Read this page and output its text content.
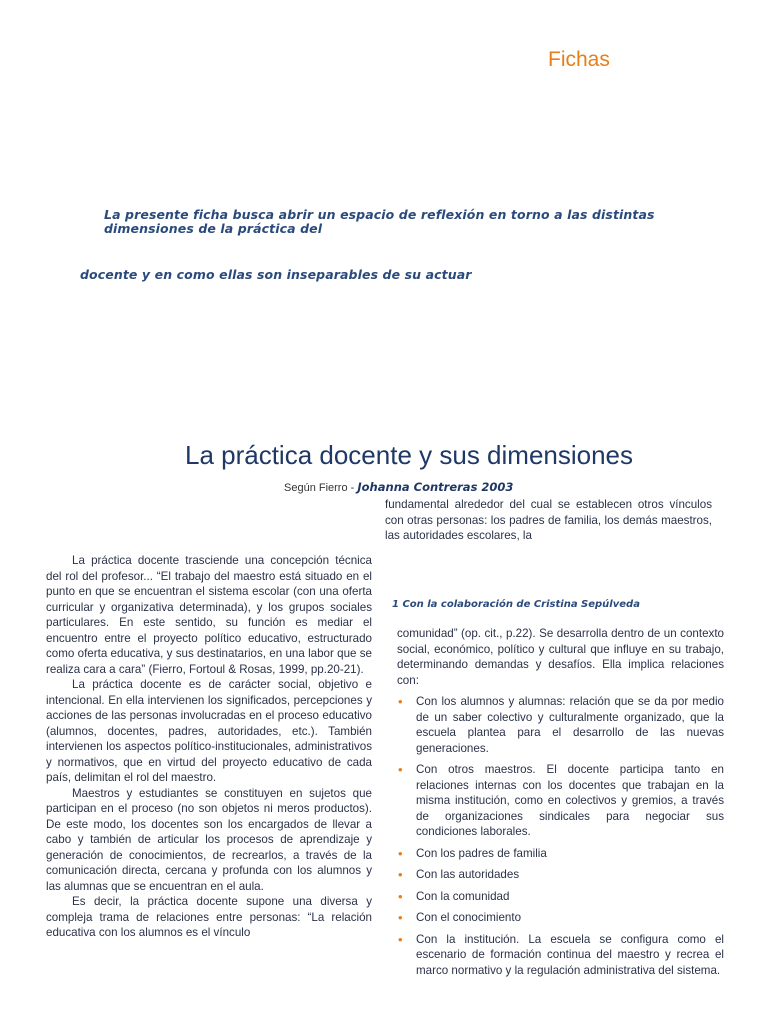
Fichas
La presente ficha busca abrir un espacio de reflexión en torno a las distintas dimensiones de la práctica del
docente y en como ellas son inseparables de su actuar
La práctica docente y sus dimensiones
Según Fierro - Johanna Contreras 2003

La práctica docente trasciende una concepción técnica del rol del profesor... “El trabajo del maestro está situado en el punto en que se encuentran el sistema escolar (con una oferta curricular y organizativa determinada), y los grupos sociales particulares. En este sentido, su función es mediar el encuentro entre el proyecto político educativo, estructurado como oferta educativa, y sus destinatarios, en una labor que se realiza cara a cara” (Fierro, Fortoul & Rosas, 1999, pp.20-21).

La práctica docente es de carácter social, objetivo e intencional. En ella intervienen los significados, percepciones y acciones de las personas involucradas en el proceso educativo (alumnos, docentes, padres, autoridades, etc.). También intervienen los aspectos político-institucionales, administrativos y normativos, que en virtud del proyecto educativo de cada país, delimitan el rol del maestro.

Maestros y estudiantes se constituyen en sujetos que participan en el proceso (no son objetos ni meros productos). De este modo, los docentes son los encargados de llevar a cabo y también de articular los procesos de aprendizaje y generación de conocimientos, de recrearlos, a través de la comunicación directa, cercana y profunda con los alumnos y las alumnas que se encuentran en el aula.

Es decir, la práctica docente supone una diversa y compleja trama de relaciones entre personas: “La relación educativa con los alumnos es el vínculo

fundamental alrededor del cual se establecen otros vínculos con otras personas: los padres de familia, los demás maestros, las autoridades escolares, la
1 Con la colaboración de Cristina Sepúlveda

comunidad” (op. cit., p.22). Se desarrolla dentro de un contexto social, económico, político y cultural que influye en su trabajo, determinando demandas y desafíos. Ella implica relaciones con:

• Con los alumnos y alumnas: relación que se da por medio de un saber colectivo y culturalmente organizado, que la escuela plantea para el desarrollo de las nuevas generaciones.
• Con otros maestros. El docente participa tanto en relaciones internas con los docentes que trabajan en la misma institución, como en colectivos y gremios, a través de organizaciones sindicales para negociar sus condiciones laborales.
• Con los padres de familia
• Con las autoridades
• Con la comunidad
• Con el conocimiento
• Con la institución. La escuela se configura como el escenario de formación continua del maestro y recrea el marco normativo y la regulación administrativa del sistema.
